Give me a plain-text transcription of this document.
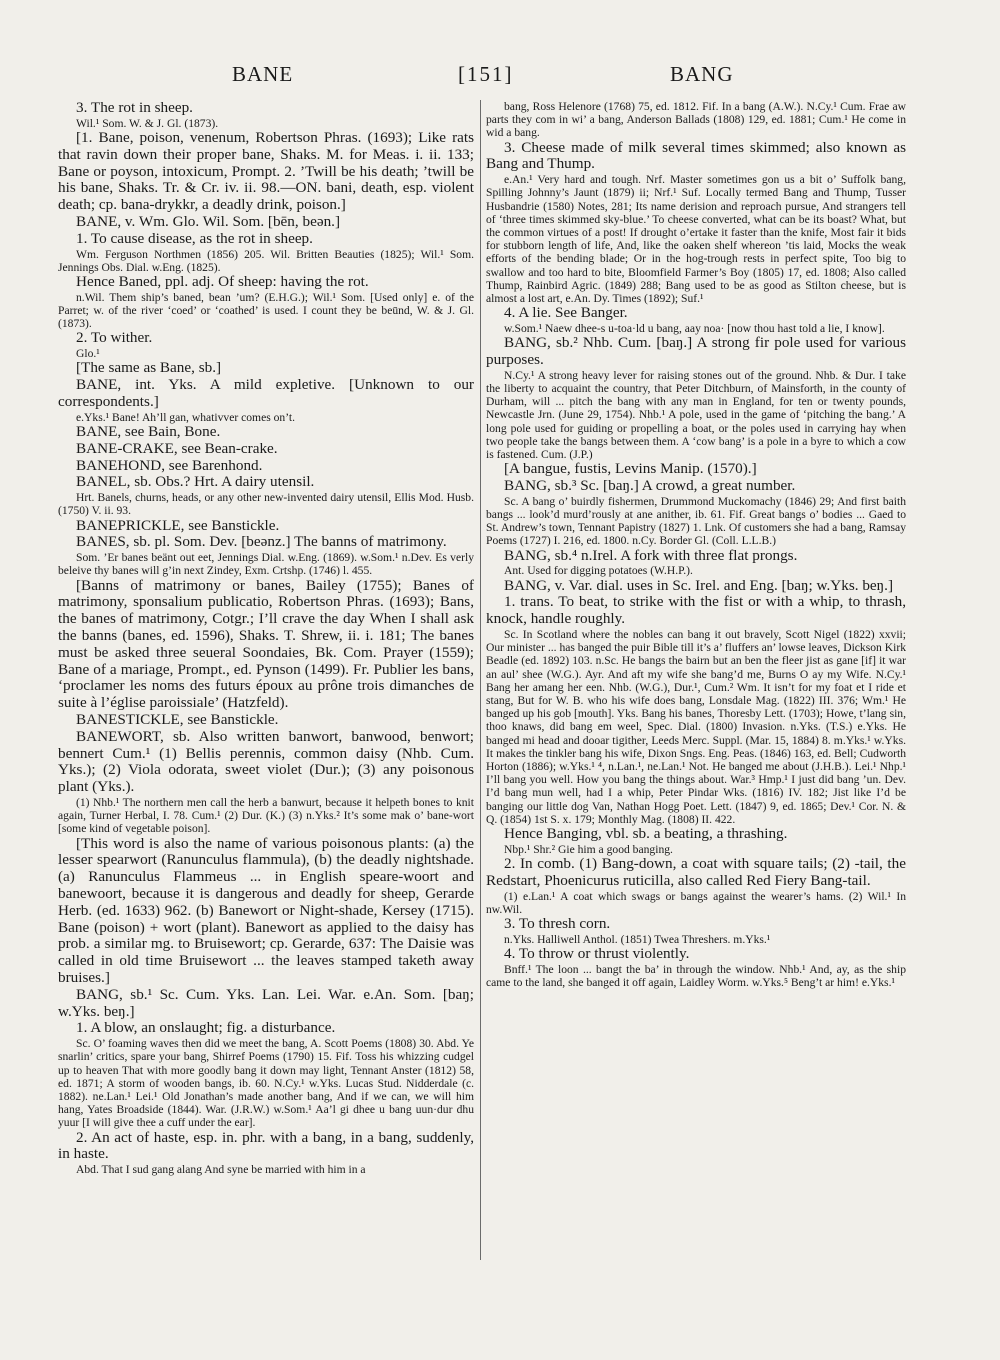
BANE	[151]	BANG

3. The rot in sheep.

Wil.¹ Som. W. & J. Gl. (1873).

[1. Bane, poison, venenum, Robertson Phras. (1693); Like rats that ravin down their proper bane, Shaks. M. for Meas. i. ii. 133; Bane or poyson, intoxicum, Prompt. 2. ’Twill be his death; ’twill be his bane, Shaks. Tr. & Cr. iv. ii. 98.—ON. bani, death, esp. violent death; cp. bana-drykkr, a deadly drink, poison.]

BANE, v. Wm. Glo. Wil. Som. [bēn, beən.]

1. To cause disease, as the rot in sheep.

Wm. Ferguson Northmen (1856) 205. Wil. Britten Beauties (1825); Wil.¹ Som. Jennings Obs. Dial. w.Eng. (1825).

Hence Baned, ppl. adj. Of sheep: having the rot.

n.Wil. Them ship’s baned, bean ’um? (E.H.G.); Wil.¹ Som. [Used only] e. of the Parret; w. of the river ‘coed’ or ‘coathed’ is used. I count they be beūnd, W. & J. Gl. (1873).

2. To wither.

Glo.¹

[The same as Bane, sb.]

BANE, int. Yks. A mild expletive. [Unknown to our correspondents.]

e.Yks.¹ Bane! Ah’ll gan, whativver comes on’t.

BANE, see Bain, Bone.

BANE-CRAKE, see Bean-crake.

BANEHOND, see Barenhond.

BANEL, sb. Obs.? Hrt. A dairy utensil.

Hrt. Banels, churns, heads, or any other new-invented dairy utensil, Ellis Mod. Husb. (1750) V. ii. 93.

BANEPRICKLE, see Banstickle.

BANES, sb. pl. Som. Dev. [beənz.] The banns of matrimony.

Som. ’Er banes beänt out eet, Jennings Dial. w.Eng. (1869). w.Som.¹ n.Dev. Es verly beleive thy banes will g’in next Zindey, Exm. Crtshp. (1746) l. 455.

[Banns of matrimony or banes, Bailey (1755); Banes of matrimony, sponsalium publicatio, Robertson Phras. (1693); Bans, the banes of matrimony, Cotgr.; I’ll crave the day When I shall ask the banns (banes, ed. 1596), Shaks. T. Shrew, ii. i. 181; The banes must be asked three seueral Soondaies, Bk. Com. Prayer (1559); Bane of a mariage, Prompt., ed. Pynson (1499). Fr. Publier les bans, ‘proclamer les noms des futurs époux au prône trois dimanches de suite à l’église paroissiale’ (Hatzfeld).

BANESTICKLE, see Banstickle.

BANEWORT, sb. Also written banwort, banwood, benwort; bennert Cum.¹ (1) Bellis perennis, common daisy (Nhb. Cum. Yks.); (2) Viola odorata, sweet violet (Dur.); (3) any poisonous plant (Yks.).

(1) Nhb.¹ The northern men call the herb a banwurt, because it helpeth bones to knit again, Turner Herbal, I. 78. Cum.¹ (2) Dur. (K.) (3) n.Yks.² It’s some mak o’ bane-wort [some kind of vegetable poison].

[This word is also the name of various poisonous plants: (a) the lesser spearwort (Ranunculus flammula), (b) the deadly nightshade. (a) Ranunculus Flammeus ... in English speare-woort and banewoort, because it is dangerous and deadly for sheep, Gerarde Herb. (ed. 1633) 962. (b) Banewort or Night-shade, Kersey (1715). Bane (poison) + wort (plant). Banewort as applied to the daisy has prob. a similar mg. to Bruisewort; cp. Gerarde, 637: The Daisie was called in old time Bruisewort ... the leaves stamped taketh away bruises.]

BANG, sb.¹ Sc. Cum. Yks. Lan. Lei. War. e.An. Som. [baŋ; w.Yks. beŋ.]

1. A blow, an onslaught; fig. a disturbance.

Sc. O’ foaming waves then did we meet the bang, A. Scott Poems (1808) 30. Abd. Ye snarlin’ critics, spare your bang, Shirref Poems (1790) 15. Fif. Toss his whizzing cudgel up to heaven That with more goodly bang it down may light, Tennant Anster (1812) 58, ed. 1871; A storm of wooden bangs, ib. 60. N.Cy.¹ w.Yks. Lucas Stud. Nidderdale (c. 1882). ne.Lan.¹ Lei.¹ Old Jonathan’s made another bang, And if we can, we will him hang, Yates Broadside (1844). War. (J.R.W.) w.Som.¹ Aa’l gi dhee u bang uun·dur dhu yuur [I will give thee a cuff under the ear].

2. An act of haste, esp. in. phr. with a bang, in a bang, suddenly, in haste.

Abd. That I sud gang alang And syne be married with him in a

bang, Ross Helenore (1768) 75, ed. 1812. Fif. In a bang (A.W.). N.Cy.¹ Cum. Frae aw parts they com in wi’ a bang, Anderson Ballads (1808) 129, ed. 1881; Cum.¹ He come in wid a bang.

3. Cheese made of milk several times skimmed; also known as Bang and Thump.

e.An.¹ Very hard and tough. Nrf. Master sometimes gon us a bit o’ Suffolk bang, Spilling Johnny’s Jaunt (1879) ii; Nrf.¹ Suf. Locally termed Bang and Thump, Tusser Husbandrie (1580) Notes, 281; Its name derision and reproach pursue, And strangers tell of ‘three times skimmed sky-blue.’ To cheese converted, what can be its boast? What, but the common virtues of a post! If drought o’ertake it faster than the knife, Most fair it bids for stubborn length of life, And, like the oaken shelf whereon ’tis laid, Mocks the weak efforts of the bending blade; Or in the hog-trough rests in perfect spite, Too big to swallow and too hard to bite, Bloomfield Farmer’s Boy (1805) 17, ed. 1808; Also called Thump, Rainbird Agric. (1849) 288; Bang used to be as good as Stilton cheese, but is almost a lost art, e.An. Dy. Times (1892); Suf.¹

4. A lie. See Banger.

w.Som.¹ Naew dhee-s u-toa·ld u bang, aay noa· [now thou hast told a lie, I know].

BANG, sb.² Nhb. Cum. [baŋ.] A strong fir pole used for various purposes.

N.Cy.¹ A strong heavy lever for raising stones out of the ground. Nhb. & Dur. I take the liberty to acquaint the country, that Peter Ditchburn, of Mainsforth, in the county of Durham, will ... pitch the bang with any man in England, for ten or twenty pounds, Newcastle Jrn. (June 29, 1754). Nhb.¹ A pole, used in the game of ‘pitching the bang.’ A long pole used for guiding or propelling a boat, or the poles used in carrying hay when two people take the bangs between them. A ‘cow bang’ is a pole in a byre to which a cow is fastened. Cum. (J.P.)

[A bangue, fustis, Levins Manip. (1570).]

BANG, sb.³ Sc. [baŋ.] A crowd, a great number.

Sc. A bang o’ buirdly fishermen, Drummond Muckomachy (1846) 29; And first baith bangs ... look’d murd’rously at ane anither, ib. 61. Fif. Great bangs o’ bodies ... Gaed to St. Andrew’s town, Tennant Papistry (1827) 1. Lnk. Of customers she had a bang, Ramsay Poems (1727) I. 216, ed. 1800. n.Cy. Border Gl. (Coll. L.L.B.)

BANG, sb.⁴ n.Irel. A fork with three flat prongs.

Ant. Used for digging potatoes (W.H.P.).

BANG, v. Var. dial. uses in Sc. Irel. and Eng. [baŋ; w.Yks. beŋ.]

1. trans. To beat, to strike with the fist or with a whip, to thrash, knock, handle roughly.

Sc. In Scotland where the nobles can bang it out bravely, Scott Nigel (1822) xxvii; Our minister ... has banged the puir Bible till it’s a’ fluffers an’ lowse leaves, Dickson Kirk Beadle (ed. 1892) 103. n.Sc. He bangs the bairn but an ben the fleer jist as gane [if] it war an aul’ shee (W.G.). Ayr. And aft my wife she bang’d me, Burns O ay my Wife. N.Cy.¹ Bang her amang her een. Nhb. (W.G.), Dur.¹, Cum.² Wm. It isn’t for my foat et I ride et stang, But for W. B. who his wife does bang, Lonsdale Mag. (1822) III. 376; Wm.¹ He banged up his gob [mouth]. Yks. Bang his banes, Thoresby Lett. (1703); Howe, t’lang sin, thoo knaws, did bang em weel, Spec. Dial. (1800) Invasion. n.Yks. (T.S.) e.Yks. He banged mi head and dooar tigither, Leeds Merc. Suppl. (Mar. 15, 1884) 8. m.Yks.¹ w.Yks. It makes the tinkler bang his wife, Dixon Sngs. Eng. Peas. (1846) 163, ed. Bell; Cudworth Horton (1886); w.Yks.¹ ⁴, n.Lan.¹, ne.Lan.¹ Not. He banged me about (J.H.B.). Lei.¹ Nhp.¹ I’ll bang you well. How you bang the things about. War.³ Hmp.¹ I just did bang ’un. Dev. I’d bang mun well, had I a whip, Peter Pindar Wks. (1816) IV. 182; Jist like I’d be banging our little dog Van, Nathan Hogg Poet. Lett. (1847) 9, ed. 1865; Dev.¹ Cor. N. & Q. (1854) 1st S. x. 179; Monthly Mag. (1808) II. 422.

Hence Banging, vbl. sb. a beating, a thrashing.

Nbp.¹ Shr.² Gie him a good banging.

2. In comb. (1) Bang-down, a coat with square tails; (2) -tail, the Redstart, Phoenicurus ruticilla, also called Red Fiery Bang-tail.

(1) e.Lan.¹ A coat which swags or bangs against the wearer’s hams. (2) Wil.¹ In nw.Wil.

3. To thresh corn.

n.Yks. Halliwell Anthol. (1851) Twea Threshers. m.Yks.¹

4. To throw or thrust violently.

Bnff.¹ The loon ... bangt the ba’ in through the window. Nhb.¹ And, ay, as the ship came to the land, she banged it off again, Laidley Worm. w.Yks.⁵ Beng’t ar him! e.Yks.¹
